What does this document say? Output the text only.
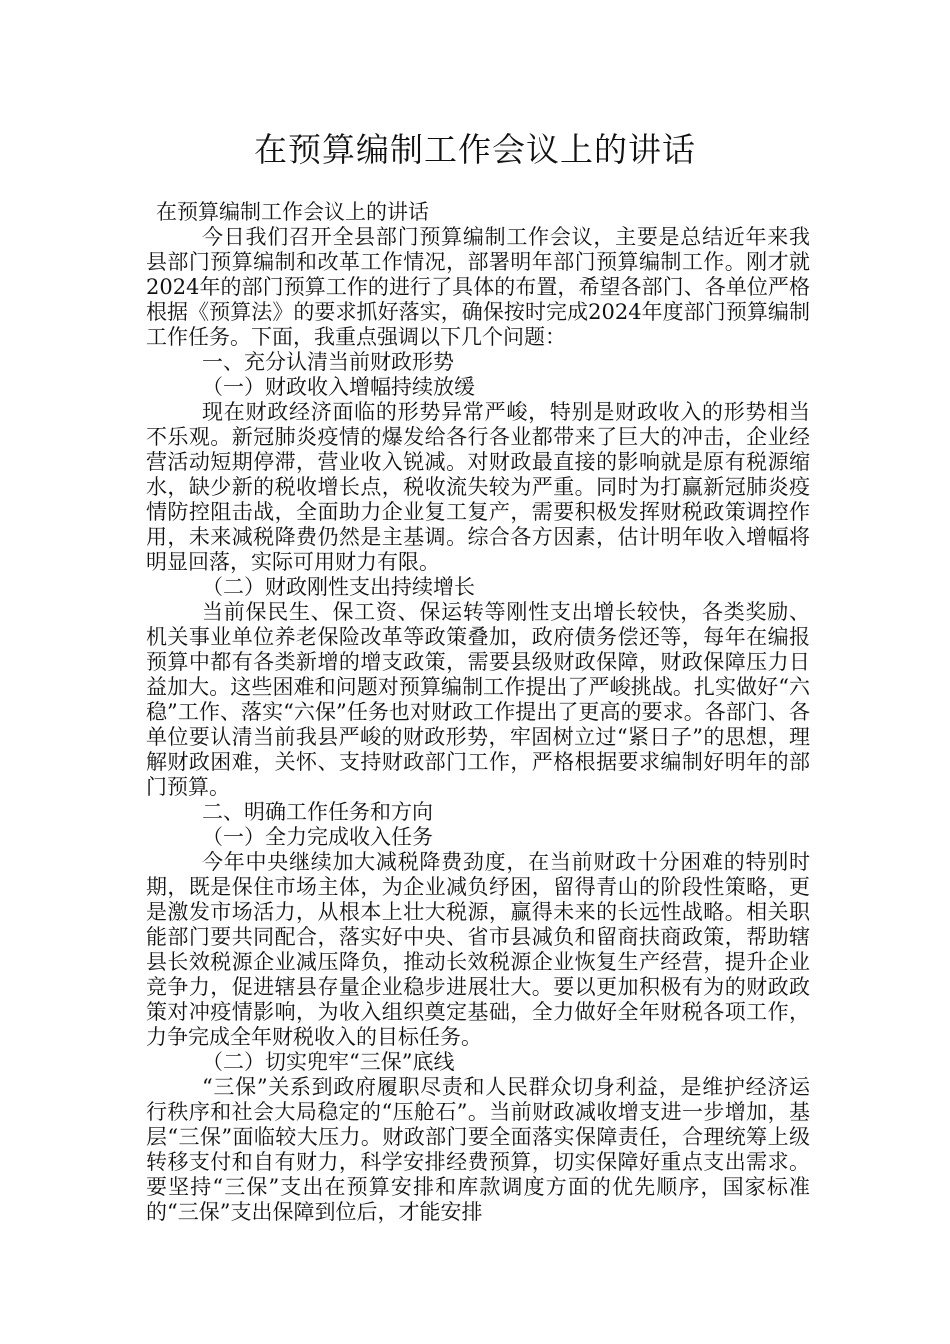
在预算编制工作会议上的讲话

在预算编制工作会议上的讲话

今日我们召开全县部门预算编制工作会议，主要是总结近年来我县部门预算编制和改革工作情况，部署明年部门预算编制工作。刚才就2024年的部门预算工作的进行了具体的布置，希望各部门、各单位严格根据《预算法》的要求抓好落实，确保按时完成2024年度部门预算编制工作任务。下面，我重点强调以下几个问题：

一、充分认清当前财政形势

（一）财政收入增幅持续放缓

现在财政经济面临的形势异常严峻，特别是财政收入的形势相当不乐观。新冠肺炎疫情的爆发给各行各业都带来了巨大的冲击，企业经营活动短期停滞，营业收入锐减。对财政最直接的影响就是原有税源缩水，缺少新的税收增长点，税收流失较为严重。同时为打赢新冠肺炎疫情防控阻击战，全面助力企业复工复产，需要积极发挥财税政策调控作用，未来减税降费仍然是主基调。综合各方因素，估计明年收入增幅将明显回落，实际可用财力有限。

（二）财政刚性支出持续增长

当前保民生、保工资、保运转等刚性支出增长较快，各类奖励、机关事业单位养老保险改革等政策叠加，政府债务偿还等，每年在编报预算中都有各类新增的增支政策，需要县级财政保障，财政保障压力日益加大。这些困难和问题对预算编制工作提出了严峻挑战。扎实做好“六稳”工作、落实“六保”任务也对财政工作提出了更高的要求。各部门、各单位要认清当前我县严峻的财政形势，牢固树立过“紧日子”的思想，理解财政困难，关怀、支持财政部门工作，严格根据要求编制好明年的部门预算。

二、明确工作任务和方向

（一）全力完成收入任务

今年中央继续加大减税降费劲度，在当前财政十分困难的特别时期，既是保住市场主体，为企业减负纾困，留得青山的阶段性策略，更是激发市场活力，从根本上壮大税源，赢得未来的长远性战略。相关职能部门要共同配合，落实好中央、省市县减负和留商扶商政策，帮助辖县长效税源企业减压降负，推动长效税源企业恢复生产经营，提升企业竞争力，促进辖县存量企业稳步进展壮大。要以更加积极有为的财政政策对冲疫情影响，为收入组织奠定基础，全力做好全年财税各项工作，力争完成全年财税收入的目标任务。

（二）切实兜牢“三保”底线

“三保”关系到政府履职尽责和人民群众切身利益，是维护经济运行秩序和社会大局稳定的“压舱石”。当前财政减收增支进一步增加，基层“三保”面临较大压力。财政部门要全面落实保障责任，合理统筹上级转移支付和自有财力，科学安排经费预算，切实保障好重点支出需求。要坚持“三保”支出在预算安排和库款调度方面的优先顺序，国家标准的“三保”支出保障到位后，才能安排
